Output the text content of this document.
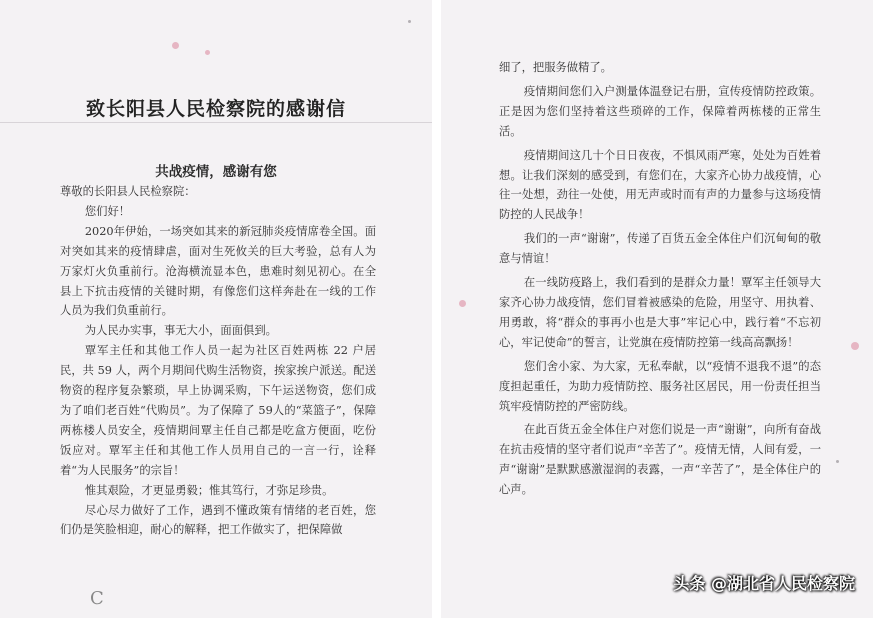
致长阳县人民检察院的感谢信
共战疫情，感谢有您

尊敬的长阳县人民检察院：

您们好！

2020年伊始，一场突如其来的新冠肺炎疫情席卷全国。面对突如其来的疫情肆虐，面对生死攸关的巨大考验，总有人为万家灯火负重前行。沧海横流显本色，患难时刻见初心。在全县上下抗击疫情的关键时期，有像您们这样奔赴在一线的工作人员为我们负重前行。

为人民办实事，事无大小，面面俱到。

覃军主任和其他工作人员一起为社区百姓两栋 22 户居民，共 59 人，两个月期间代购生活物资，挨家挨户派送。配送物资的程序复杂繁琐，早上协调采购，下午运送物资，您们成为了咱们老百姓“代购员”。为了保障了 59人的“菜篮子”，保障两栋楼人员安全，疫情期间覃主任自己都是吃盒方便面，吃份饭应对。覃军主任和其他工作人员用自己的一言一行，诠释着“为人民服务”的宗旨！

惟其艰险，才更显勇毅；惟其笃行，才弥足珍贵。

尽心尽力做好了工作，遇到不懂政策有情绪的老百姓，您们仍是笑脸相迎，耐心的解释，把工作做实了，把保障做

C

细了，把服务做精了。

疫情期间您们入户测量体温登记右册，宣传疫情防控政策。正是因为您们坚持着这些琐碎的工作，保障着两栋楼的正常生活。

疫情期间这几十个日日夜夜，不惧风雨严寒，处处为百姓着想。让我们深刻的感受到，有您们在，大家齐心协力战疫情，心往一处想，劲往一处使，用无声或时而有声的力量参与这场疫情防控的人民战争！

我们的一声“谢谢”，传递了百货五金全体住户们沉甸甸的敬意与情谊！

在一线防疫路上，我们看到的是群众力量！覃军主任领导大家齐心协力战疫情，您们冒着被感染的危险，用坚守、用执着、用勇敢，将“群众的事再小也是大事”牢记心中，践行着“不忘初心，牢记使命”的誓言，让党旗在疫情防控第一线高高飘扬！

您们舍小家、为大家，无私奉献，以“疫情不退我不退”的态度担起重任，为助力疫情防控、服务社区居民，用一份责任担当筑牢疫情防控的严密防线。

在此百货五金全体住户对您们说是一声“谢谢”，向所有奋战在抗击疫情的坚守者们说声“辛苦了”。疫情无情，人间有爱，一声“谢谢”是默默感激湿润的表露，一声“辛苦了”，是全体住户的心声。

头条 @湖北省人民检察院
